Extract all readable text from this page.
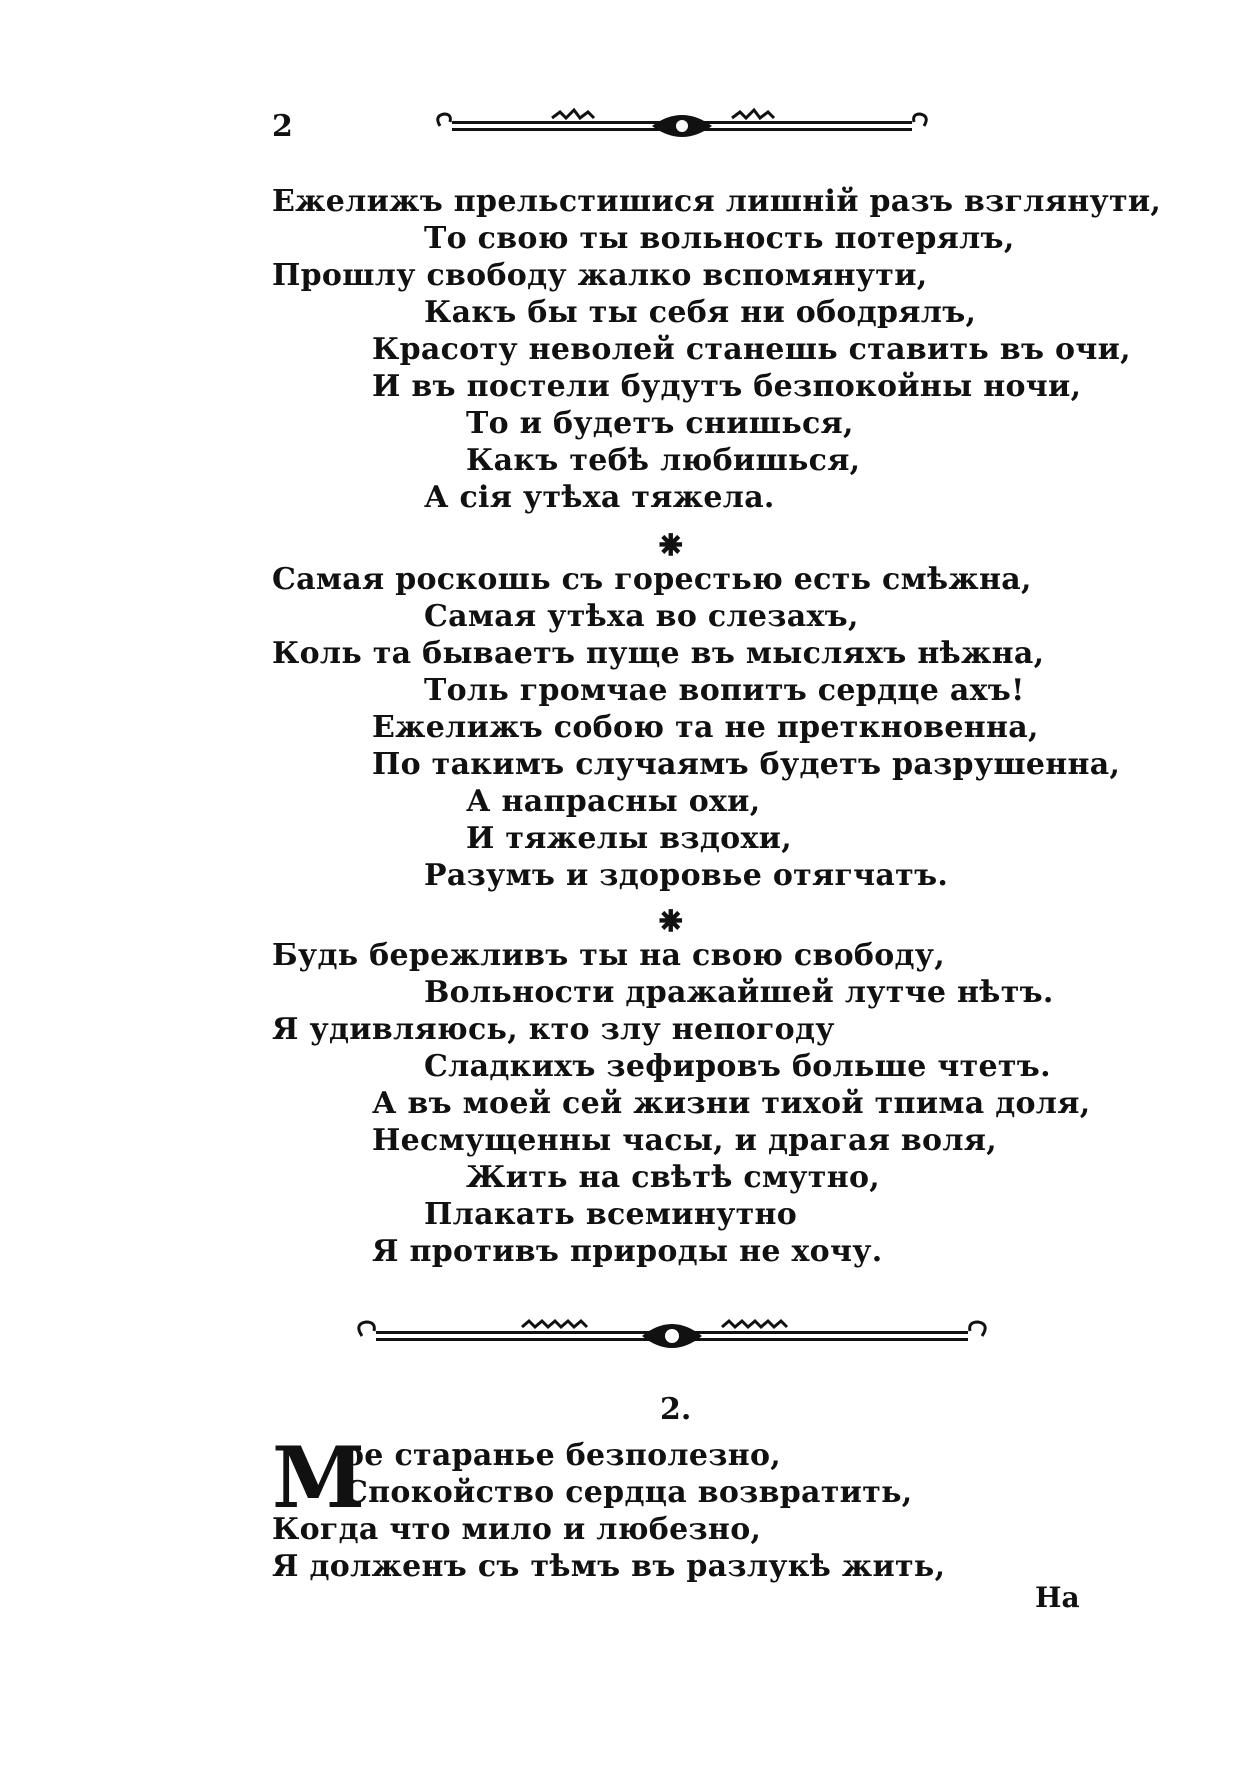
2
Ежелижъ прельстишися лишній разъ взглянути,
То свою ты вольность потерялъ,
Прошлу свободу жалко вспомянути,
Какъ бы ты себя ни ободрялъ,
Красоту неволей станешь ставить въ очи,
И въ постели будутъ безпокойны ночи,
То и будетъ снишься,
Какъ тебѣ любишься,
А сія утѣха тяжела.
⁕
Самая роскошь съ горестью есть смѣжна,
Самая утѣха во слезахъ,
Коль та бываетъ пуще въ мысляхъ нѣжна,
Толь громчае вопитъ сердце ахъ!
Ежелижъ собою та не преткновенна,
По такимъ случаямъ будетъ разрушенна,
А напрасны охи,
И тяжелы вздохи,
Разумъ и здоровье отягчатъ.
⁕
Будь бережливъ ты на свою свободу,
Вольности дражайшей лутче нѣтъ.
Я удивляюсь, кто злу непогоду
Сладкихъ зефировъ больше чтетъ.
А въ моей сей жизни тихой тпима доля,
Несмущенны часы, и драгая воля,
Жить на свѣтѣ смутно,
Плакать всеминутно
Я противъ природы не хочу.
2.
М
ое старанье безполезно,
Спокойство сердца возвратить,
Когда что мило и любезно,
Я долженъ съ тѣмъ въ разлукѣ жить,
На
